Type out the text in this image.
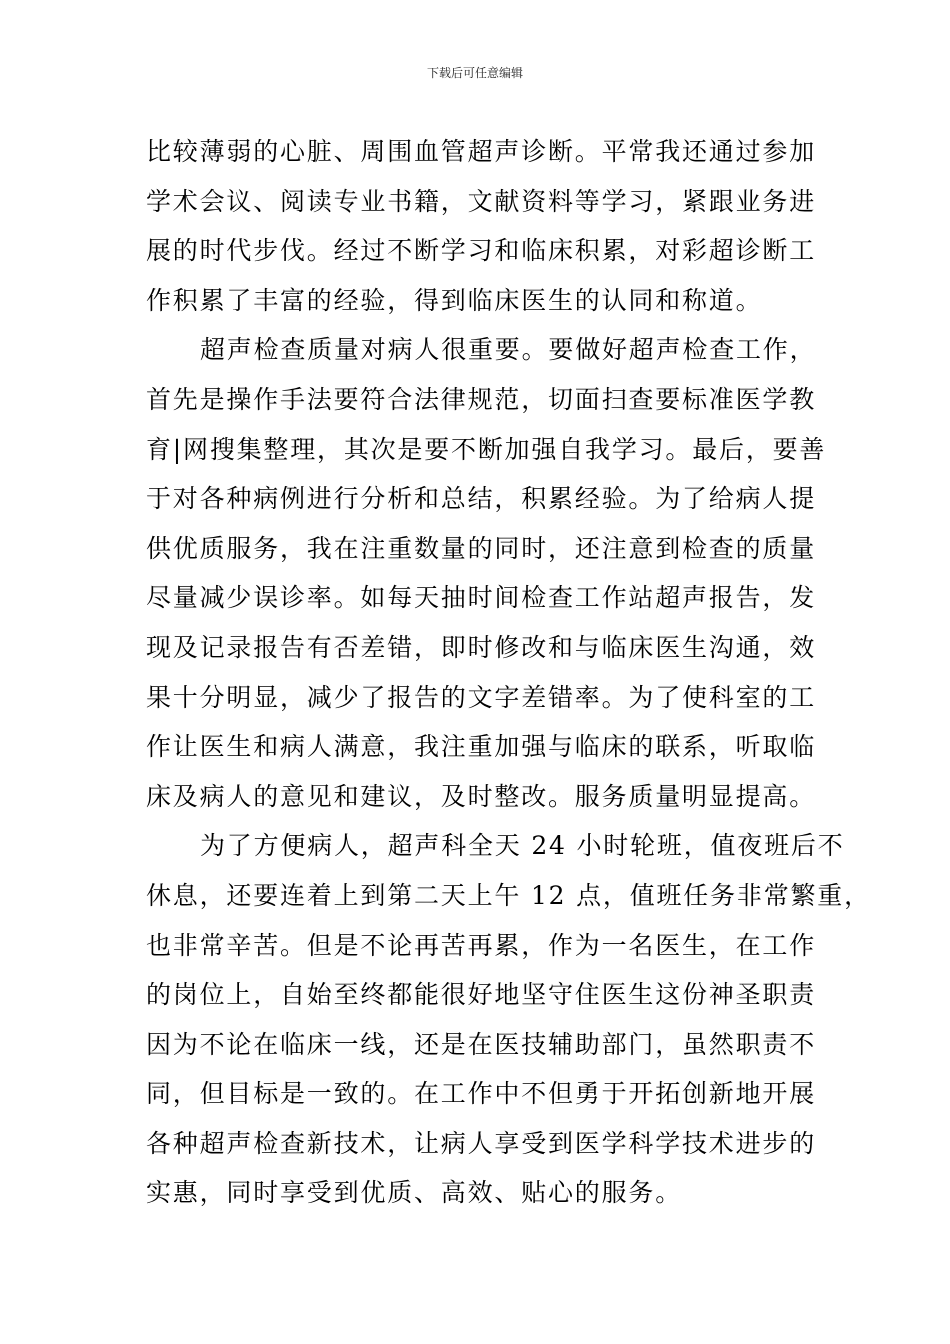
下载后可任意编辑
比较薄弱的心脏、周围血管超声诊断。平常我还通过参加
学术会议、阅读专业书籍，文献资料等学习，紧跟业务进
展的时代步伐。经过不断学习和临床积累，对彩超诊断工
作积累了丰富的经验，得到临床医生的认同和称道。
超声检查质量对病人很重要。要做好超声检查工作，
首先是操作手法要符合法律规范，切面扫查要标准医学教
育|网搜集整理，其次是要不断加强自我学习。最后，要善
于对各种病例进行分析和总结，积累经验。为了给病人提
供优质服务，我在注重数量的同时，还注意到检查的质量
尽量减少误诊率。如每天抽时间检查工作站超声报告，发
现及记录报告有否差错，即时修改和与临床医生沟通，效
果十分明显，减少了报告的文字差错率。为了使科室的工
作让医生和病人满意，我注重加强与临床的联系，听取临
床及病人的意见和建议，及时整改。服务质量明显提高。
为了方便病人，超声科全天 24 小时轮班，值夜班后不
休息，还要连着上到第二天上午 12 点，值班任务非常繁重，
也非常辛苦。但是不论再苦再累，作为一名医生，在工作
的岗位上，自始至终都能很好地坚守住医生这份神圣职责
因为不论在临床一线，还是在医技辅助部门，虽然职责不
同，但目标是一致的。在工作中不但勇于开拓创新地开展
各种超声检查新技术，让病人享受到医学科学技术进步的
实惠，同时享受到优质、高效、贴心的服务。
